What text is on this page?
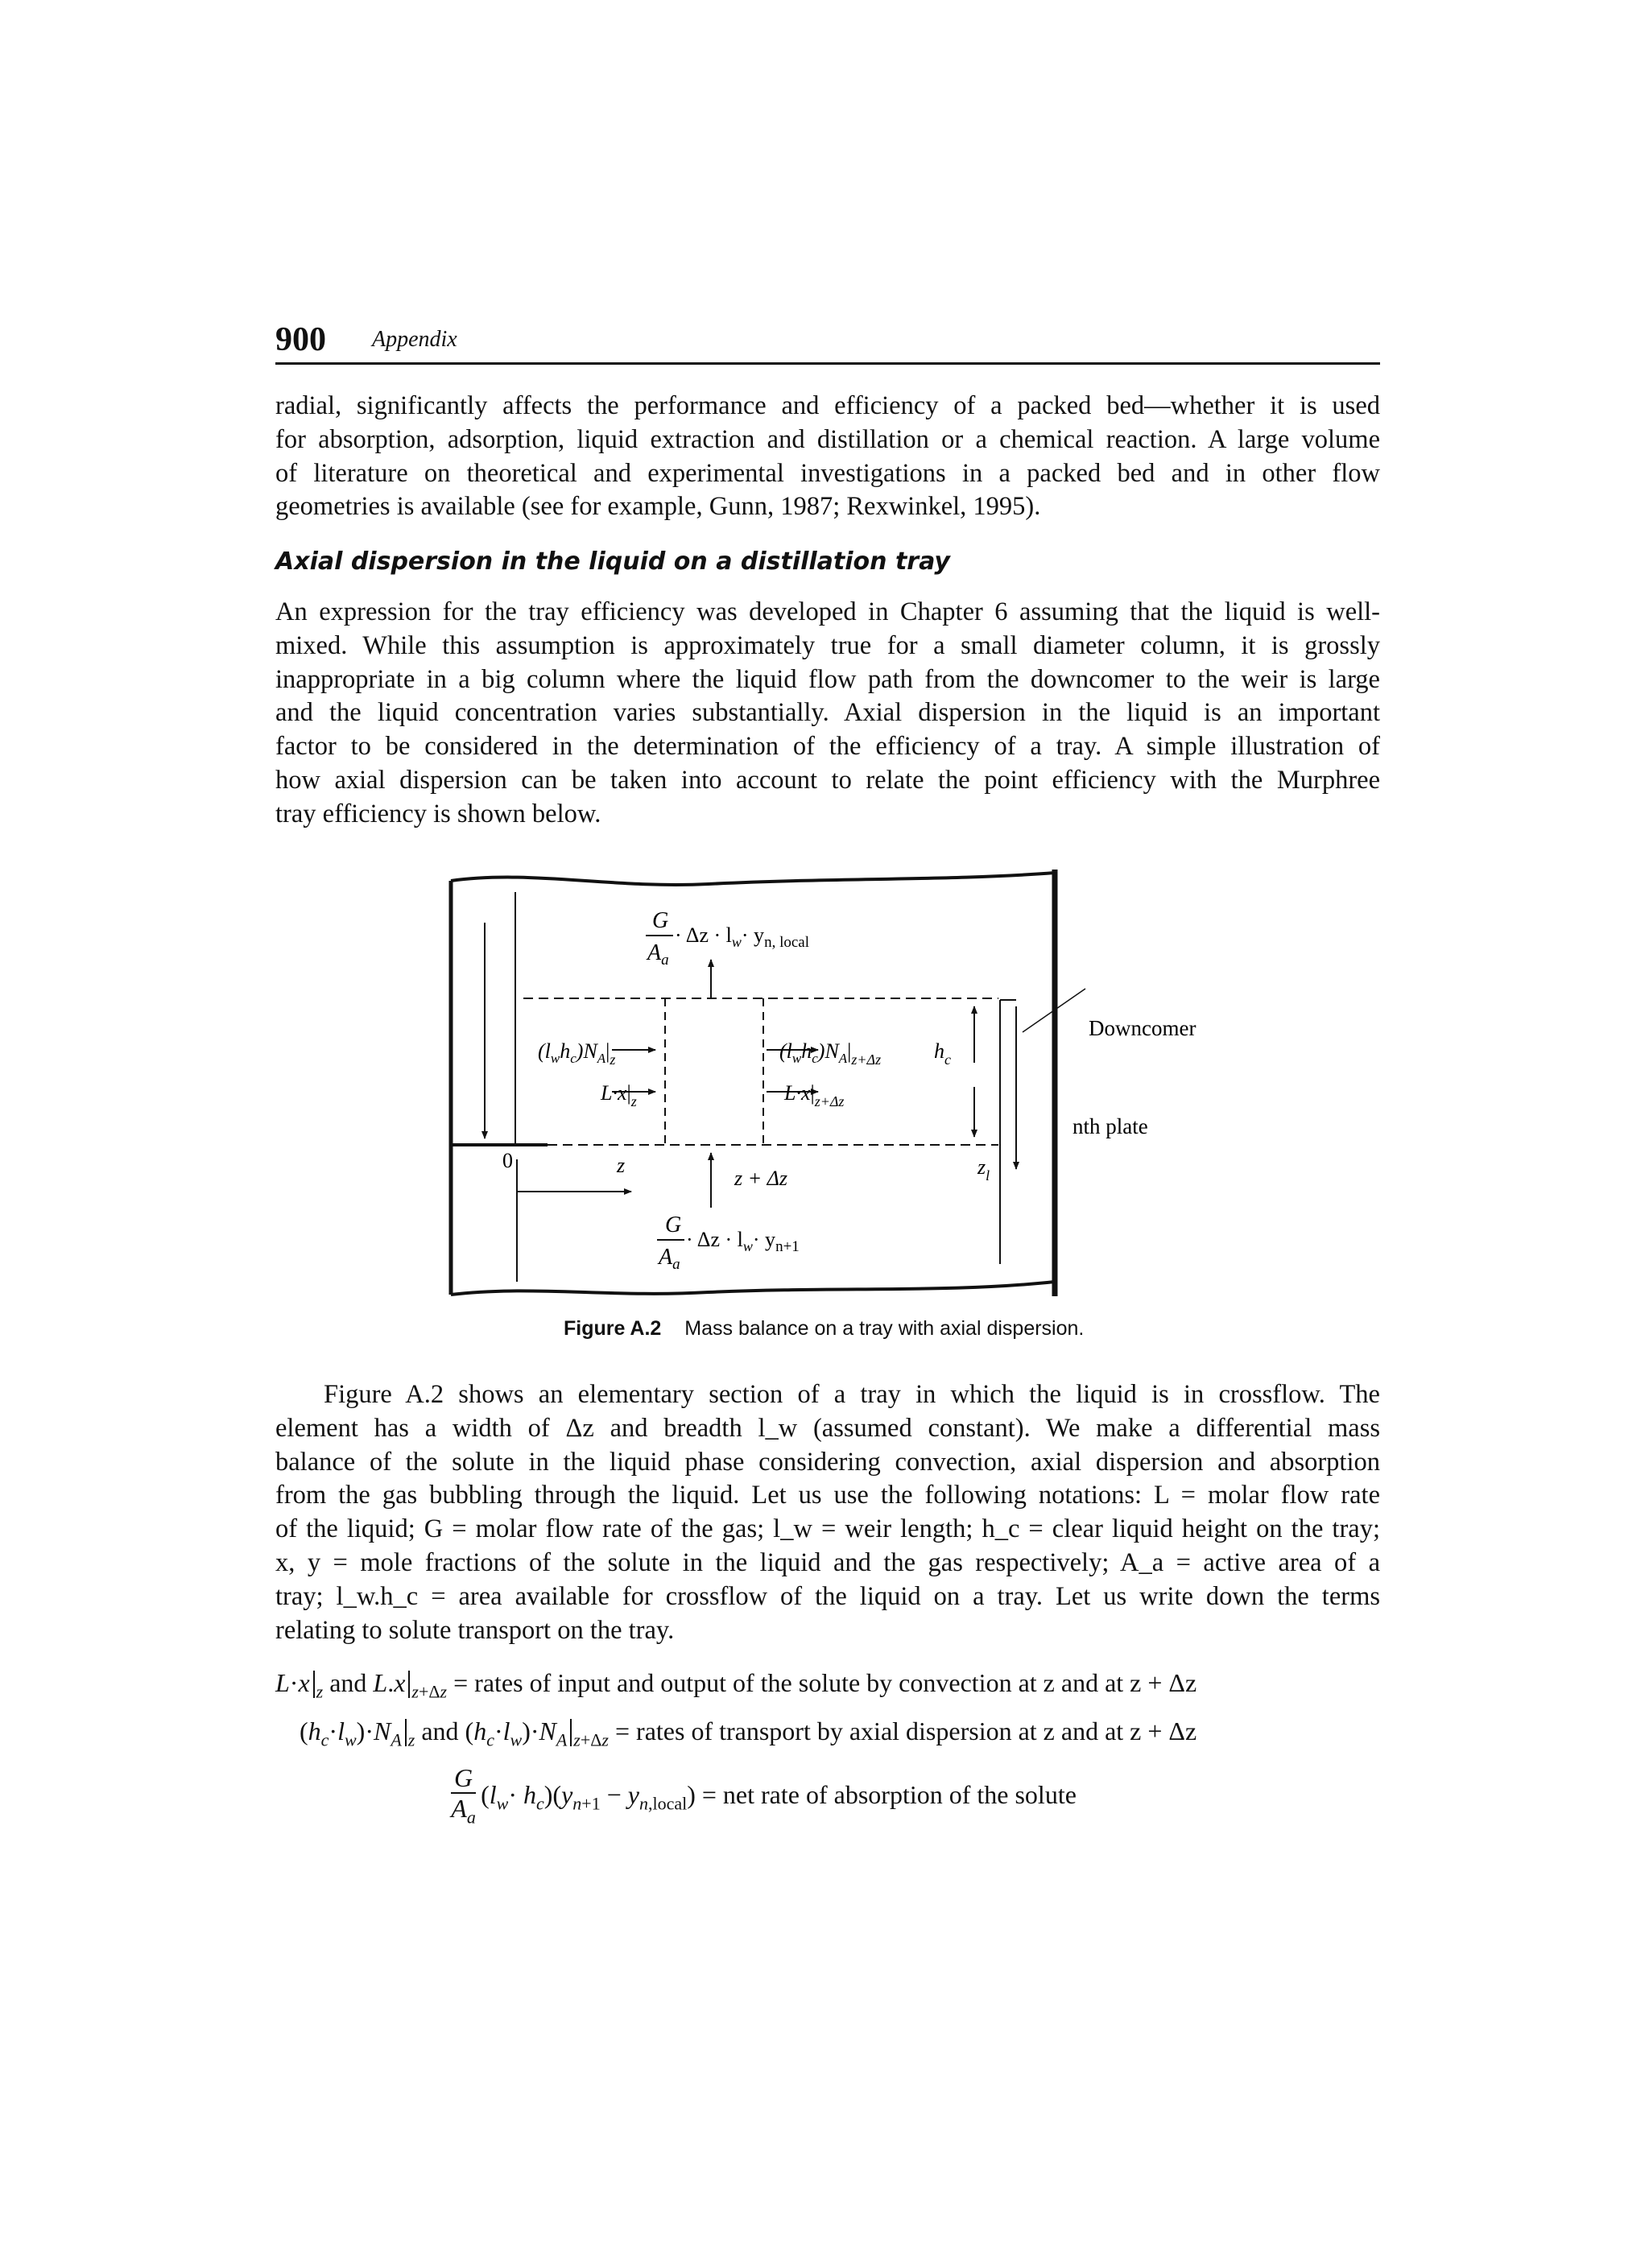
900 Appendix

radial, significantly affects the performance and efficiency of a packed bed—whether it is used
for absorption, adsorption, liquid extraction and distillation or a chemical reaction. A large volume
of literature on theoretical and experimental investigations in a packed bed and in other flow
geometries is available (see for example, Gunn, 1987; Rexwinkel, 1995).

Axial dispersion in the liquid on a distillation tray

An expression for the tray efficiency was developed in Chapter 6 assuming that the liquid is well-
mixed. While this assumption is approximately true for a small diameter column, it is grossly
inappropriate in a big column where the liquid flow path from the downcomer to the weir is large
and the liquid concentration varies substantially. Axial dispersion in the liquid is an important
factor to be considered in the determination of the efficiency of a tray. A simple illustration of
how axial dispersion can be taken into account to relate the point efficiency with the Murphree
tray efficiency is shown below.

G
$A_a$
· $\Delta z \cdot l_w\cdot y_{n, local}$
$(l_wh_c)N_A|_z$
$L\cdot x|_z$
$(l_wh_c)N_A|_{z+\Delta z}$
$L\cdot x|_{z+\Delta z}$
$h_c$
0	z
z + Δz	$z_l$
G
$A_a$
· $\Delta z \cdot l_w\cdot y_{n+1}$
Downcomer
nth plate
Figure A.2 Mass balance on a tray with axial dispersion.

Figure A.2 shows an elementary section of a tray in which the liquid is in crossflow. The
element has a width of Δz and breadth l_w (assumed constant). We make a differential mass
balance of the solute in the liquid phase considering convection, axial dispersion and absorption
from the gas bubbling through the liquid. Let us use the following notations: L = molar flow rate
of the liquid; G = molar flow rate of the gas; l_w = weir length; h_c = clear liquid height on the tray;
x, y = mole fractions of the solute in the liquid and the gas respectively; A_a = active area of a
tray; l_w.h_c = area available for crossflow of the liquid on a tray. Let us write down the terms
relating to solute transport on the tray.

L·x $_z$ and L.x $_{z+\Delta z}$ = rates of input and output of the solute by convection at z and at z + Δz
$(h_c\cdot l_w)\cdot N_A$ $_z$ and $(h_c\cdot l_w)\cdot N_A$ $_{z+\Delta z}$ = rates of transport by axial dispersion at z and at z + Δz
$\frac{G}{A_a} (l_w\cdot h_c)(y_{n+1} - y_{n,local})$ = net rate of absorption of the solute
